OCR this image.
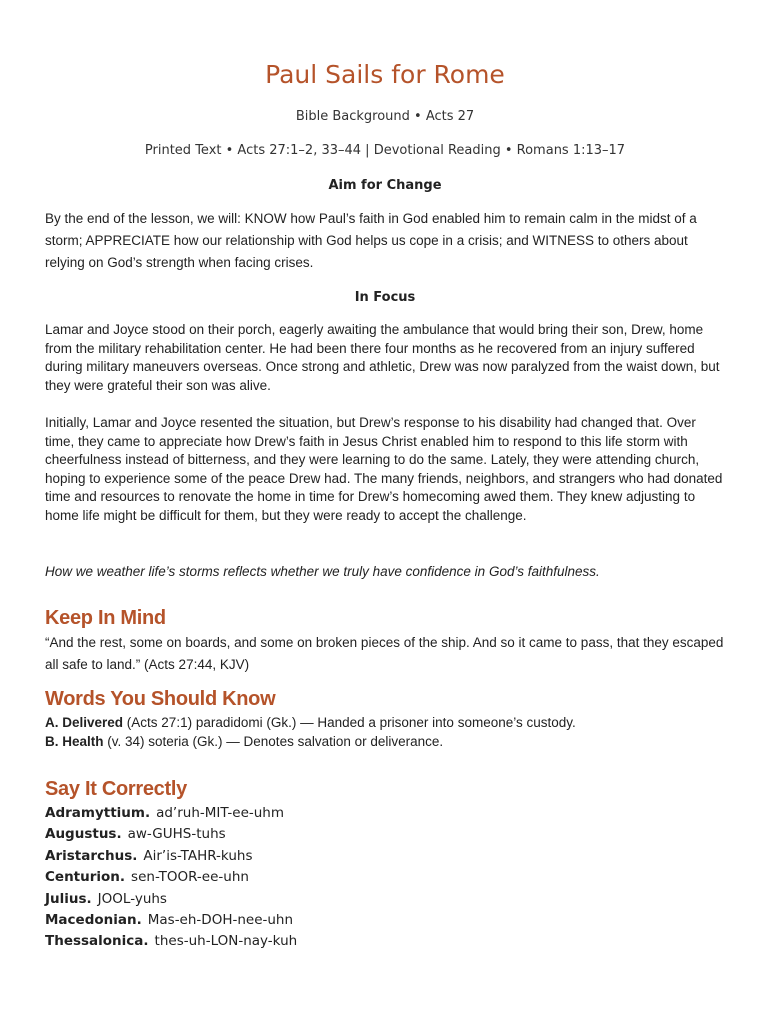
Paul Sails for Rome
Bible Background • Acts 27
Printed Text • Acts 27:1–2, 33–44 | Devotional Reading • Romans 1:13–17
Aim for Change
By the end of the lesson, we will: KNOW how Paul’s faith in God enabled him to remain calm in the midst of a storm; APPRECIATE how our relationship with God helps us cope in a crisis; and WITNESS to others about relying on God’s strength when facing crises.
In Focus
Lamar and Joyce stood on their porch, eagerly awaiting the ambulance that would bring their son, Drew, home from the military rehabilitation center. He had been there four months as he recovered from an injury suffered during military maneuvers overseas. Once strong and athletic, Drew was now paralyzed from the waist down, but they were grateful their son was alive.
Initially, Lamar and Joyce resented the situation, but Drew’s response to his disability had changed that. Over time, they came to appreciate how Drew’s faith in Jesus Christ enabled him to respond to this life storm with cheerfulness instead of bitterness, and they were learning to do the same. Lately, they were attending church, hoping to experience some of the peace Drew had. The many friends, neighbors, and strangers who had donated time and resources to renovate the home in time for Drew’s homecoming awed them. They knew adjusting to home life might be difficult for them, but they were ready to accept the challenge.
How we weather life’s storms reflects whether we truly have confidence in God’s faithfulness.
Keep In Mind
“And the rest, some on boards, and some on broken pieces of the ship. And so it came to pass, that they escaped all safe to land.” (Acts 27:44, KJV)
Words You Should Know
A. Delivered (Acts 27:1) paradidomi (Gk.) — Handed a prisoner into someone’s custody.
B. Health (v. 34) soteria (Gk.) — Denotes salvation or deliverance.
Say It Correctly
Adramyttium. ad’ruh-MIT-ee-uhm
Augustus. aw-GUHS-tuhs
Aristarchus. Air’is-TAHR-kuhs
Centurion. sen-TOOR-ee-uhn
Julius. JOOL-yuhs
Macedonian. Mas-eh-DOH-nee-uhn
Thessalonica. thes-uh-LON-nay-kuh
